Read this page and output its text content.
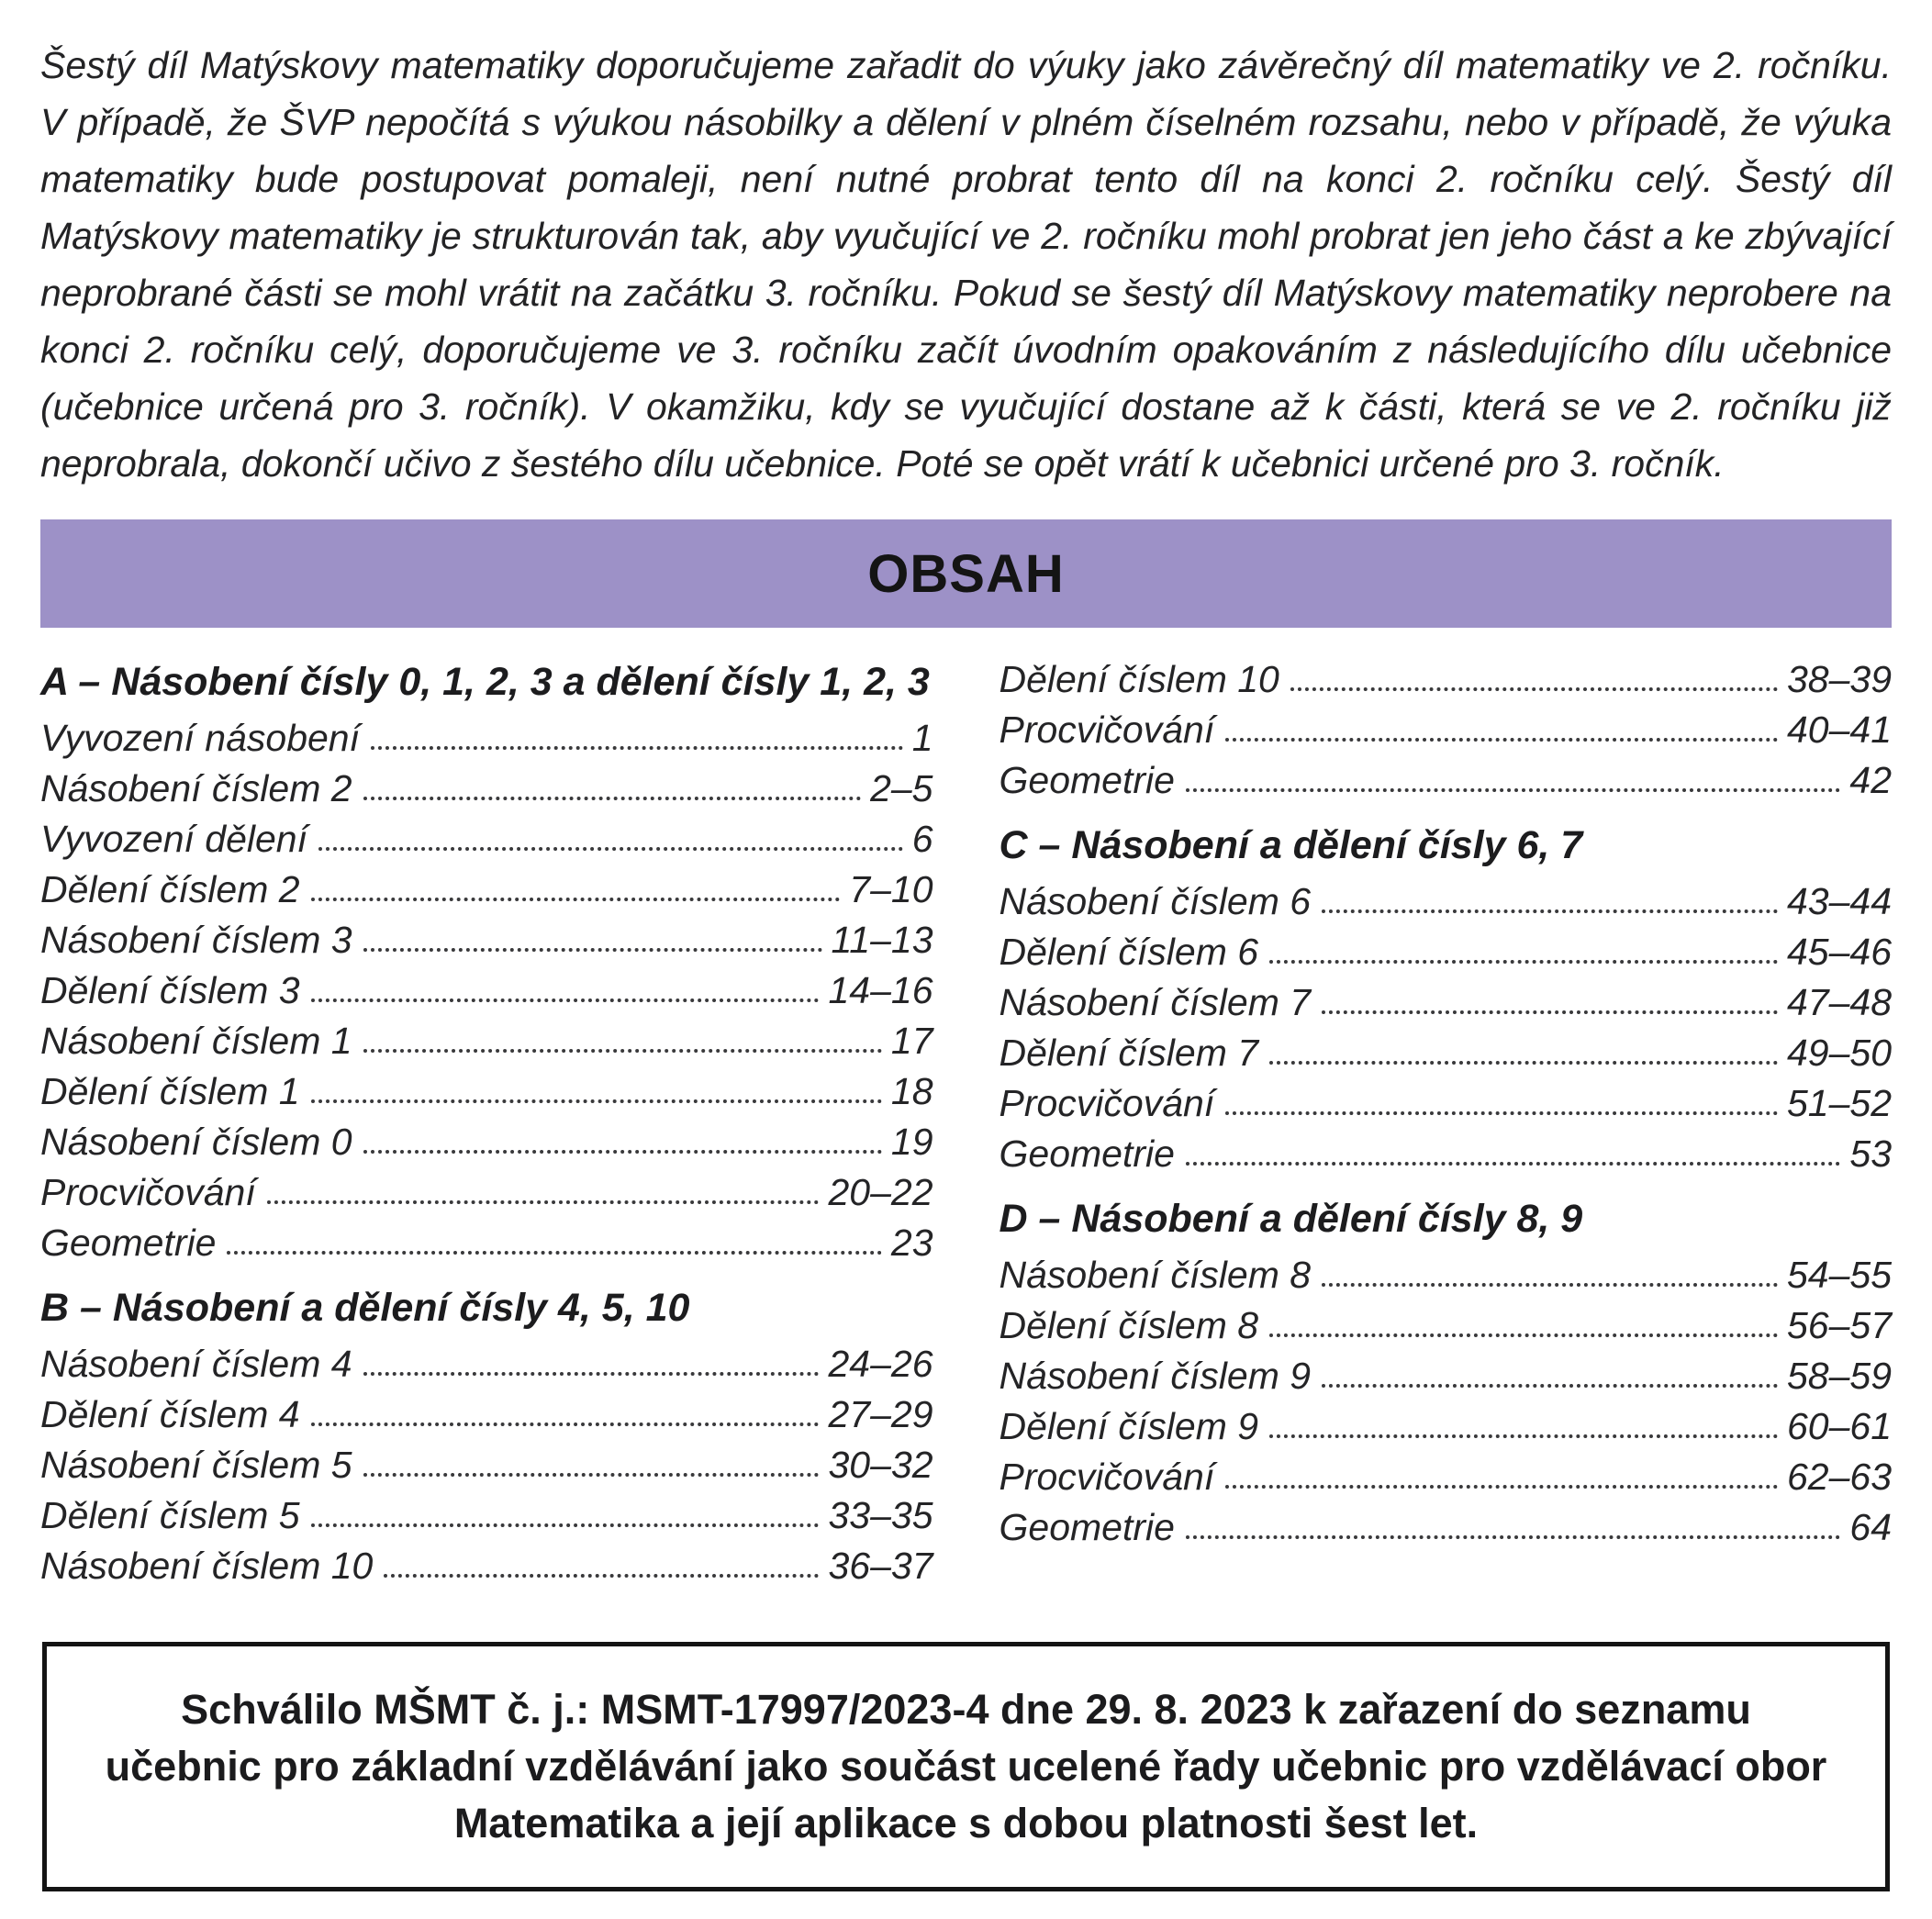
Šestý díl Matýskovy matematiky doporučujeme zařadit do výuky jako závěrečný díl matematiky ve 2. ročníku. V případě, že ŠVP nepočítá s výukou násobilky a dělení v plném číselném rozsahu, nebo v případě, že výuka matematiky bude postupovat pomaleji, není nutné probrat tento díl na konci 2. ročníku celý. Šestý díl Matýskovy matematiky je strukturován tak, aby vyučující ve 2. ročníku mohl probrat jen jeho část a ke zbývající neprobrané části se mohl vrátit na začátku 3. ročníku. Pokud se šestý díl Matýskovy matematiky neprobere na konci 2. ročníku celý, doporučujeme ve 3. ročníku začít úvodním opakováním z následujícího dílu učebnice (učebnice určená pro 3. ročník). V okamžiku, kdy se vyučující dostane až k části, která se ve 2. ročníku již neprobrala, dokončí učivo z šestého dílu učebnice. Poté se opět vrátí k učebnici určené pro 3. ročník.

OBSAH
A – Násobení čísly 0, 1, 2, 3 a dělení čísly 1, 2, 3
Vyvození násobení	1
Násobení číslem 2	2–5
Vyvození dělení	6
Dělení číslem 2	7–10
Násobení číslem 3	11–13
Dělení číslem 3	14–16
Násobení číslem 1	17
Dělení číslem 1	18
Násobení číslem 0	19
Procvičování	20–22
Geometrie	23
B – Násobení a dělení čísly 4, 5, 10
Násobení číslem 4	24–26
Dělení číslem 4	27–29
Násobení číslem 5	30–32
Dělení číslem 5	33–35
Násobení číslem 10	36–37
Dělení číslem 10	38–39
Procvičování	40–41
Geometrie	42
C – Násobení a dělení čísly 6, 7
Násobení číslem 6	43–44
Dělení číslem 6	45–46
Násobení číslem 7	47–48
Dělení číslem 7	49–50
Procvičování	51–52
Geometrie	53
D – Násobení a dělení čísly 8, 9
Násobení číslem 8	54–55
Dělení číslem 8	56–57
Násobení číslem 9	58–59
Dělení číslem 9	60–61
Procvičování	62–63
Geometrie	64
Schválilo MŠMT č. j.: MSMT-17997/2023-4 dne 29. 8. 2023 k zařazení do seznamu
učebnic pro základní vzdělávání jako součást ucelené řady učebnic pro vzdělávací obor
Matematika a její aplikace s dobou platnosti šest let.
